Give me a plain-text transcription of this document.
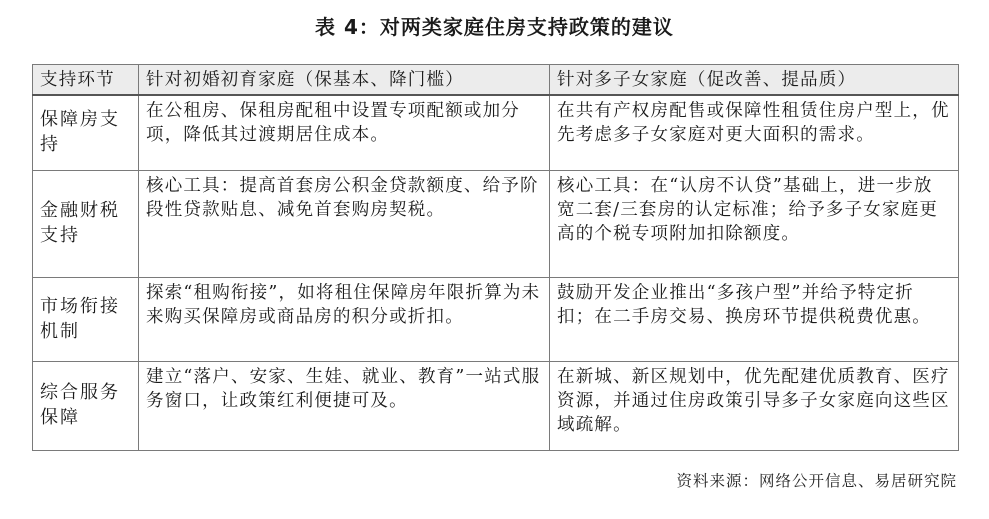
表 4：对两类家庭住房支持政策的建议
支持环节	针对初婚初育家庭（保基本、降门槛）	针对多子女家庭（促改善、提品质）
保障房支持	在公租房、保租房配租中设置专项配额或加分项，降低其过渡期居住成本。	在共有产权房配售或保障性租赁住房户型上，优先考虑多子女家庭对更大面积的需求。
金融财税支持	核心工具：提高首套房公积金贷款额度、给予阶段性贷款贴息、减免首套购房契税。	核心工具：在“认房不认贷”基础上，进一步放宽二套/三套房的认定标准；给予多子女家庭更高的个税专项附加扣除额度。
市场衔接机制	探索“租购衔接”，如将租住保障房年限折算为未来购买保障房或商品房的积分或折扣。	鼓励开发企业推出“多孩户型”并给予特定折扣；在二手房交易、换房环节提供税费优惠。
综合服务保障	建立“落户、安家、生娃、就业、教育”一站式服务窗口，让政策红利便捷可及。	在新城、新区规划中，优先配建优质教育、医疗资源，并通过住房政策引导多子女家庭向这些区域疏解。
资料来源：网络公开信息、易居研究院
